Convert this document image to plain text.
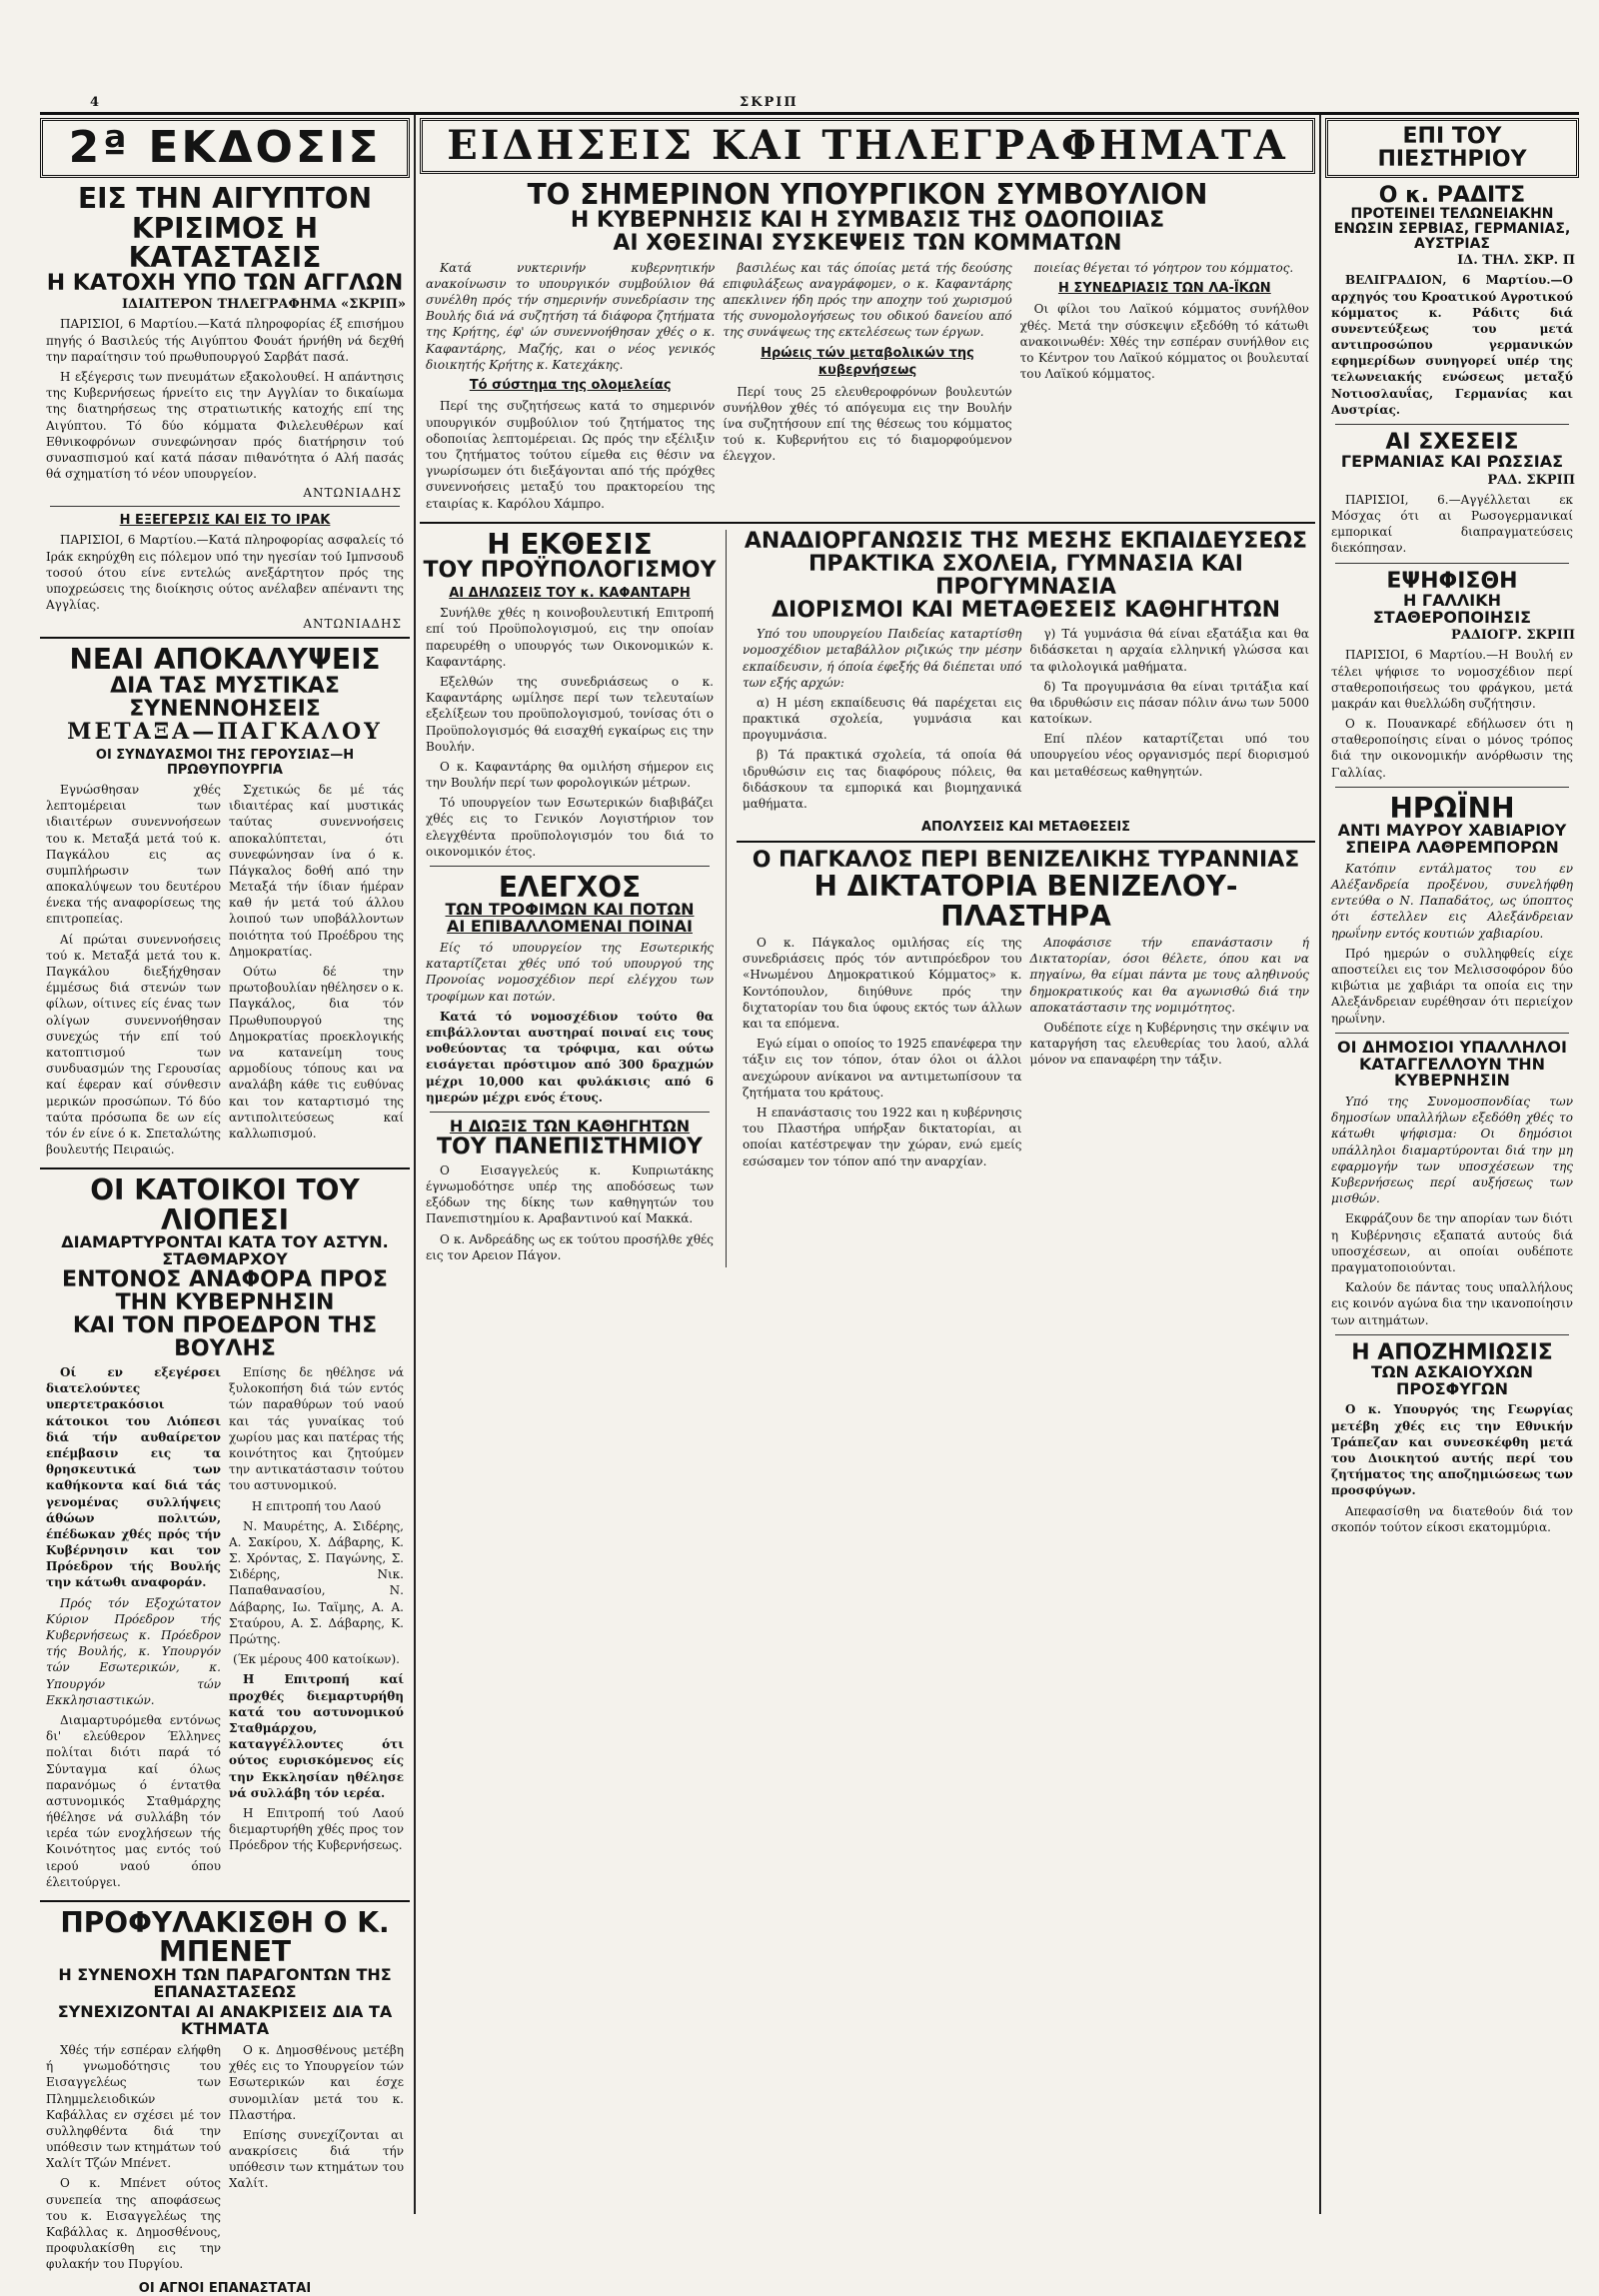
4	ΣΚΡΙΠ
2ª ΕΚΔΟΣΙΣ
ΕΙΣ ΤΗΝ ΑΙΓΥΠΤΟΝ
ΚΡΙΣΙΜΟΣ Η ΚΑΤΑΣΤΑΣΙΣ
Η ΚΑΤΟΧΗ ΥΠΟ ΤΩΝ ΑΓΓΛΩΝ
ΙΔΙΑΙΤΕΡΟΝ ΤΗΛΕΓΡΑΦΗΜΑ «ΣΚΡΙΠ»

ΠΑΡΙΣΙΟΙ, 6 Μαρτίου.—Κατά πληροφορίας έξ επισήμου πηγής ό Βασιλεύς τής Αιγύπτου Φουάτ ήρνήθη νά δεχθή την παραίτησιν τού πρωθυπουργού Σαρβάτ πασά.

Η εξέγερσις των πνευμάτων εξακολουθεί. Η απάντησις της Κυβερνήσεως ήρνείτο εις την Αγγλίαν το δικαίωμα της διατηρήσεως της στρατιωτικής κατοχής επί της Αιγύπτου. Τό δύο κόμματα Φιλελευθέρων καί Εθνικοφρόνων συνεφώνησαν πρός διατήρησιν τού συνασπισμού καί κατά πάσαν πιθανότητα ό Αλή πασάς θά σχηματίση τό νέον υπουργείον.

ΑΝΤΩΝΙΑΔΗΣ
Η ΕΞΕΓΕΡΣΙΣ ΚΑΙ ΕΙΣ ΤΟ ΙΡΑΚ

ΠΑΡΙΣΙΟΙ, 6 Μαρτίου.—Κατά πληροφορίας ασφαλείς τό Ιράκ εκηρύχθη εις πόλεμον υπό την ηγεσίαν τού Ιμπνσουδ τοσού ότου είνε εντελώς ανεξάρτητον πρός της υποχρεώσεις της διοίκησις ούτος ανέλαβεν απέναντι της Αγγλίας.

ΑΝΤΩΝΙΑΔΗΣ
ΝΕΑΙ ΑΠΟΚΑΛΥΨΕΙΣ
ΔΙΑ ΤΑΣ ΜΥΣΤΙΚΑΣ ΣΥΝΕΝΝΟΗΣΕΙΣ
ΜΕΤΑΞΑ—ΠΑΓΚΑΛΟΥ
ΟΙ ΣΥΝΔΥΑΣΜΟΙ ΤΗΣ ΓΕΡΟΥΣΙΑΣ—Η ΠΡΩΘΥΠΟΥΡΓΙΑ

Εγνώσθησαν χθές λεπτομέρειαι των ιδιαιτέρων συνεννοήσεων του κ. Μεταξά μετά τού κ. Παγκάλου εις ας συμπλήρωσιν των αποκαλύψεων του δευτέρου ένεκα τής αναφορίσεως της επιτροπείας.

Αί πρώται συνεννοήσεις τού κ. Μεταξά μετά του κ. Παγκάλου διεξήχθησαν έμμέσως διά στενών των φίλων, οίτινες είς ένας των ολίγων συνεννοήθησαν συνεχώς τήν επί τού κατοπτισμού των συνδυασμών της Γερουσίας καί έφεραν καί σύνθεσιν μερικών προσώπων. Τό δύο ταύτα πρόσωπα δε ων είς τόν έν είνε ό κ. Σπεταλώτης βουλευτής Πειραιώς.

Σχετικώς δε μέ τάς ιδιαιτέρας καί μυστικάς ταύτας συνεννοήσεις αποκαλύπτεται, ότι συνεφώνησαν ίνα ό κ. Πάγκαλος δοθή από την Μεταξά τήν ίδιαν ήμέραν καθ ήν μετά τού άλλου λοιπού των υποβάλλοντων ποιότητα τού Προέδρου της Δημοκρατίας.

Ούτω δέ την πρωτοβουλίαν ηθέλησεν ο κ. Παγκάλος, δια τόν Πρωθυπουργού της Δημοκρατίας προεκλογικής να κατανείμη τους αρμοδίους τόπους και να αναλάβη κάθε τις ευθύνας και τον καταρτισμό της αντιπολιτεύσεως καί καλλωπισμού.

ΟΙ ΚΑΤΟΙΚΟΙ ΤΟΥ ΛΙΟΠΕΣΙ
ΔΙΑΜΑΡΤΥΡΟΝΤΑΙ ΚΑΤΑ ΤΟΥ ΑΣΤΥΝ. ΣΤΑΘΜΑΡΧΟΥ
ΕΝΤΟΝΟΣ ΑΝΑΦΟΡΑ ΠΡΟΣ ΤΗΝ ΚΥΒΕΡΝΗΣΙΝ
ΚΑΙ ΤΟΝ ΠΡΟΕΔΡΟΝ ΤΗΣ ΒΟΥΛΗΣ

Οί εν εξεγέρσει διατελούντες υπερτετρακόσιοι κάτοικοι του Λιόπεσι διά τήν αυθαίρετον επέμβασιν εις τα θρησκευτικά των καθήκοντα καί διά τάς γενομένας συλλήψεις άθώων πολιτών, έπέδωκαν χθές πρός τήν Κυβέρνησιν και τον Πρόεδρον τής Βουλής την κάτωθι αναφοράν.

Πρός τόν Εξοχώτατον Κύριον Πρόεδρον τής Κυβερνήσεως κ. Πρόεδρον τής Βουλής, κ. Υπουργόν τών Εσωτερικών, κ. Υπουργόν τών Εκκλησιαστικών.

Διαμαρτυρόμεθα εντόνως δι' ελεύθερον Έλληνες πολίται διότι παρά τό Σύνταγμα καί όλως παρανόμως ό έντατθα αστυνομικός Σταθμάρχης ήθέλησε νά συλλάβη τόν ιερέα τών ενοχλήσεων τής Κοινότητος μας εντός τού ιερού ναού όπου έλειτούργει.

Επίσης δε ηθέλησε νά ξυλοκοπήση διά τών εντός τών παραθύρων τού ναού και τάς γυναίκας τού χωρίου μας και πατέρας τής κοινότητος και ζητούμεν την αντικατάστασιν τούτου του αστυνομικού.

Η επιτροπή του Λαού

Ν. Μαυρέτης, Α. Σιδέρης, Α. Σακίρου, Χ. Δάβαρης, Κ. Σ. Χρόντας, Σ. Παγώνης, Σ. Σιδέρης, Νικ. Παπαθανασίου, Ν. Δάβαρης, Ιω. Ταϊμης, Α. Α. Σταύρου, Α. Σ. Δάβαρης, Κ. Πρώτης.

(Έκ μέρους 400 κατοίκων).

Η Επιτροπή καί προχθές διεμαρτυρήθη κατά του αστυνομικού Σταθμάρχου, καταγγέλλοντες ότι ούτος ευρισκόμενος είς την Εκκλησίαν ηθέλησε νά συλλάβη τόν ιερέα.

Η Επιτροπή τού Λαού διεμαρτυρήθη χθές προς τον Πρόεδρον τής Κυβερνήσεως.

ΠΡΟΦΥΛΑΚΙΣΘΗ Ο Κ. ΜΠΕΝΕΤ
Η ΣΥΝΕΝΟΧΗ ΤΩΝ ΠΑΡΑΓΟΝΤΩΝ ΤΗΣ ΕΠΑΝΑΣΤΑΣΕΩΣ
ΣΥΝΕΧΙΖΟΝΤΑΙ ΑΙ ΑΝΑΚΡΙΣΕΙΣ ΔΙΑ ΤΑ ΚΤΗΜΑΤΑ

Χθές τήν εσπέραν ελήφθη ή γνωμοδότησις του Εισαγγελέως των Πλημμελειοδικών Καβάλλας εν σχέσει μέ τον συλληφθέντα διά την υπόθεσιν των κτημάτων τού Χαλίτ Τζών Μπένετ.

Ο κ. Μπένετ ούτος συνεπεία της αποφάσεως του κ. Εισαγγελέως της Καβάλλας κ. Δημοσθένους, προφυλακίσθη εις την φυλακήν του Πυργίου.

Ο κ. Δημοσθένους μετέβη χθές εις το Υπουργείον τών Εσωτερικών και έσχε συνομιλίαν μετά του κ. Πλαστήρα.

Επίσης συνεχίζονται αι ανακρίσεις διά τήν υπόθεσιν των κτημάτων του Χαλίτ.

ΟΙ ΑΓΝΟΙ ΕΠΑΝΑΣΤΑΤΑΙ
ΕΙΔΗΣΕΙΣ ΚΑΙ ΤΗΛΕΓΡΑΦΗΜΑΤΑ
ΤΟ ΣΗΜΕΡΙΝΟΝ ΥΠΟΥΡΓΙΚΟΝ ΣΥΜΒΟΥΛΙΟΝ
Η ΚΥΒΕΡΝΗΣΙΣ ΚΑΙ Η ΣΥΜΒΑΣΙΣ ΤΗΣ ΟΔΟΠΟΙΙΑΣ
ΑΙ ΧΘΕΣΙΝΑΙ ΣΥΣΚΕΨΕΙΣ ΤΩΝ ΚΟΜΜΑΤΩΝ

Κατά νυκτερινήν κυβερνητικήν ανακοίνωσιν το υπουργικόν συμβούλιον θά συνέλθη πρός τήν σημερινήν συνεδρίασιν της Βουλής διά νά συζητήση τά διάφορα ζητήματα της Κρήτης, έφ' ών συνεννοήθησαν χθές ο κ. Καφαντάρης, Μαζής, και ο νέος γενικός διοικητής Κρήτης κ. Κατεχάκης.

Τό σύστημα της ολομελείας

Περί της συζητήσεως κατά το σημερινόν υπουργικόν συμβούλιον τού ζητήματος της οδοποιίας λεπτομέρειαι. Ως πρός την εξέλιξιν του ζητήματος τούτου είμεθα εις θέσιν να γνωρίσωμεν ότι διεξάγονται από τής πρόχθες συνεννοήσεις μεταξύ του πρακτορείου της εταιρίας κ. Καρόλου Χάμπρο.

βασιλέως και τάς όποίας μετά τής δεούσης επιφυλάξεως αναγράφομεν, ο κ. Καφαντάρης απεκλινεν ήδη πρός την αποχην τού χωρισμού τής συνομολογήσεως του οδικού δανείου από της συνάψεως της εκτελέσεως των έργων.

Ηρώεις τών μεταβολικών της κυβερνήσεως

Περί τους 25 ελευθεροφρόνων βουλευτών συνήλθον χθές τό απόγευμα εις την Βουλήν ίνα συζητήσουν επί της θέσεως του κόμματος τού κ. Κυβερνήτου εις τό διαμορφούμενον έλεγχον.

ποιείας θέγεται τό γόητρον του κόμματος.

Η ΣΥΝΕΔΡΙΑΣΙΣ ΤΩΝ ΛΑ-ΪΚΩΝ

Οι φίλοι του Λαϊκού κόμματος συνήλθον χθές. Μετά την σύσκεψιν εξεδόθη τό κάτωθι ανακοινωθέν: Χθές την εσπέραν συνήλθον εις το Κέντρον του Λαϊκού κόμματος οι βουλευταί του Λαϊκού κόμματος.

Η ΕΚΘΕΣΙΣ
ΤΟΥ ΠΡΟΫΠΟΛΟΓΙΣΜΟΥ
ΑΙ ΔΗΛΩΣΕΙΣ ΤΟΥ κ. ΚΑΦΑΝΤΑΡΗ

Συνήλθε χθές η κοινοβουλευτική Επιτροπή επί τού Προϋπολογισμού, εις την οποίαν παρευρέθη ο υπουργός των Οικονομικών κ. Καφαντάρης.

Εξελθών της συνεδριάσεως ο κ. Καφαντάρης ωμίλησε περί των τελευταίων εξελίξεων του προϋπολογισμού, τονίσας ότι ο Προϋπολογισμός θά εισαχθή εγκαίρως εις την Βουλήν.

Ο κ. Καφαντάρης θα ομιλήση σήμερον εις την Βουλήν περί των φορολογικών μέτρων.

Τό υπουργείον των Εσωτερικών διαβιβάζει χθές εις το Γενικόν Λογιστήριον τον ελεγχθέντα προϋπολογισμόν του διά το οικονομικόν έτος.

ΕΛΕΓΧΟΣ
ΤΩΝ ΤΡΟΦΙΜΩΝ ΚΑΙ ΠΟΤΩΝ
ΑΙ ΕΠΙΒΑΛΛΟΜΕΝΑΙ ΠΟΙΝΑΙ

Είς τό υπουργείον της Εσωτερικής καταρτίζεται χθές υπό τού υπουργού της Προνοίας νομοσχέδιον περί ελέγχου των τροφίμων και ποτών.

Κατά τό νομοσχέδιον τούτο θα επιβάλλονται αυστηραί ποιναί εις τους νοθεύοντας τα τρόφιμα, και ούτω εισάγεται πρόστιμον από 300 δραχμών μέχρι 10,000 και φυλάκισις από 6 ημερών μέχρι ενός έτους.

Η ΔΙΩΞΙΣ ΤΩΝ ΚΑΘΗΓΗΤΩΝ
ΤΟΥ ΠΑΝΕΠΙΣΤΗΜΙΟΥ

Ο Εισαγγελεύς κ. Κυπριωτάκης έγνωμοδότησε υπέρ της αποδόσεως των εξόδων της δίκης των καθηγητών του Πανεπιστημίου κ. Αραβαντινού καί Μακκά.

Ο κ. Ανδρεάδης ως εκ τούτου προσήλθε χθές εις τον Αρειον Πάγον.

ΑΝΑΔΙΟΡΓΑΝΩΣΙΣ ΤΗΣ ΜΕΣΗΣ ΕΚΠΑΙΔΕΥΣΕΩΣ
ΠΡΑΚΤΙΚΑ ΣΧΟΛΕΙΑ, ΓΥΜΝΑΣΙΑ ΚΑΙ ΠΡΟΓΥΜΝΑΣΙΑ
ΔΙΟΡΙΣΜΟΙ ΚΑΙ ΜΕΤΑΘΕΣΕΙΣ ΚΑΘΗΓΗΤΩΝ

Υπό του υπουργείου Παιδείας καταρτίσθη νομοσχέδιον μεταβάλλον ριζικώς την μέσην εκπαίδευσιν, ή όποία έφεξής θά διέπεται υπό των εξής αρχών:

α) Η μέση εκπαίδευσις θά παρέχεται εις πρακτικά σχολεία, γυμνάσια και προγυμνάσια.

β) Τά πρακτικά σχολεία, τά οποία θά ιδρυθώσιν εις τας διαφόρους πόλεις, θα διδάσκουν τα εμπορικά και βιομηχανικά μαθήματα.

γ) Τά γυμνάσια θά είναι εξατάξια και θα διδάσκεται η αρχαία ελληνική γλώσσα και τα φιλολογικά μαθήματα.

δ) Τα προγυμνάσια θα είναι τριτάξια καί θα ιδρυθώσιν εις πάσαν πόλιν άνω των 5000 κατοίκων.

Επί πλέον καταρτίζεται υπό του υπουργείου νέος οργανισμός περί διορισμού και μεταθέσεως καθηγητών.

ΑΠΟΛΥΣΕΙΣ ΚΑΙ ΜΕΤΑΘΕΣΕΙΣ
Ο ΠΑΓΚΑΛΟΣ ΠΕΡΙ ΒΕΝΙΖΕΛΙΚΗΣ ΤΥΡΑΝΝΙΑΣ
Η ΔΙΚΤΑΤΟΡΙΑ ΒΕΝΙΖΕΛΟΥ-ΠΛΑΣΤΗΡΑ

Ο κ. Πάγκαλος ομιλήσας είς της συνεδριάσεις πρός τόν αντιπρόεδρον του «Ηνωμένου Δημοκρατικού Κόμματος» κ. Κοντόπουλον, διηύθυνε πρός την διχτατορίαν του δια ύφους εκτός των άλλων και τα επόμενα.

Εγώ είμαι ο οποίος το 1925 επανέφερα την τάξιν εις τον τόπον, όταν όλοι οι άλλοι ανεχώρουν ανίκανοι να αντιμετωπίσουν τα ζητήματα του κράτους.

Η επανάστασις του 1922 και η κυβέρνησις του Πλαστήρα υπήρξαν δικτατορίαι, αι οποίαι κατέστρεψαν την χώραν, ενώ εμείς εσώσαμεν τον τόπον από την αναρχίαν.

Αποφάσισε τήν επανάστασιν ή Δικτατορίαν, όσοι θέλετε, όπου και να πηγαίνω, θα είμαι πάντα με τους αληθινούς δημοκρατικούς και θα αγωνισθώ διά την αποκατάστασιν της νομιμότητος.

Ουδέποτε είχε η Κυβέρνησις την σκέψιν να καταργήση τας ελευθερίας του λαού, αλλά μόνον να επαναφέρη την τάξιν.

ΕΠΙ ΤΟΥ ΠΙΕΣΤΗΡΙΟΥ
Ο κ. ΡΑΔΙΤΣ
ΠΡΟΤΕΙΝΕΙ ΤΕΛΩΝΕΙΑΚΗΝ ΕΝΩΣΙΝ ΣΕΡΒΙΑΣ, ΓΕΡΜΑΝΙΑΣ, ΑΥΣΤΡΙΑΣ
ΙΔ. ΤΗΛ. ΣΚΡ. Π

ΒΕΛΙΓΡΑΔΙΟΝ, 6 Μαρτίου.—Ο αρχηγός του Κροατικού Αγροτικού κόμματος κ. Ράδιτς διά συνεντεύξεως του μετά αντιπροσώπου γερμανικών εφημερίδων συνηγορεί υπέρ της τελωνειακής ενώσεως μεταξύ Νοτιοσλαυΐας, Γερμανίας και Αυστρίας.

ΑΙ ΣΧΕΣΕΙΣ
ΓΕΡΜΑΝΙΑΣ ΚΑΙ ΡΩΣΣΙΑΣ
ΡΑΔ. ΣΚΡΙΠ

ΠΑΡΙΣΙΟΙ, 6.—Αγγέλλεται εκ Μόσχας ότι αι Ρωσογερμανικαί εμπορικαί διαπραγματεύσεις διεκόπησαν.

ΕΨΗΦΙΣΘΗ
Η ΓΑΛΛΙΚΗ ΣΤΑΘΕΡΟΠΟΙΗΣΙΣ
ΡΑΔΙΟΓΡ. ΣΚΡΙΠ

ΠΑΡΙΣΙΟΙ, 6 Μαρτίου.—Η Βουλή εν τέλει ψήφισε το νομοσχέδιον περί σταθεροποιήσεως του φράγκου, μετά μακράν και θυελλώδη συζήτησιν.

Ο κ. Πουανκαρέ εδήλωσεν ότι η σταθεροποίησις είναι ο μόνος τρόπος διά την οικονομικήν ανόρθωσιν της Γαλλίας.

ΗΡΩΪΝΗ
ΑΝΤΙ ΜΑΥΡΟΥ ΧΑΒΙΑΡΙΟΥ
ΣΠΕΙΡΑ ΛΑΘΡΕΜΠΟΡΩΝ

Κατόπιν εντάλματος του εν Αλέξανδρεία προξένου, συνελήφθη εντεύθα ο Ν. Παπαδάτος, ως ύποπτος ότι έστελλεν εις Αλεξάνδρειαν ηρωΐνην εντός κουτιών χαβιαρίου.

Πρό ημερών ο συλληφθείς είχε αποστείλει εις τον Μελισσοφόρον δύο κιβώτια με χαβιάρι τα οποία εις την Αλεξάνδρειαν ευρέθησαν ότι περιείχον ηρωΐνην.

ΟΙ ΔΗΜΟΣΙΟΙ ΥΠΑΛΛΗΛΟΙ
ΚΑΤΑΓΓΕΛΛΟΥΝ ΤΗΝ ΚΥΒΕΡΝΗΣΙΝ

Υπό της Συνομοσπονδίας των δημοσίων υπαλλήλων εξεδόθη χθές το κάτωθι ψήφισμα: Οι δημόσιοι υπάλληλοι διαμαρτύρονται διά την μη εφαρμογήν των υποσχέσεων της Κυβερνήσεως περί αυξήσεως των μισθών.

Εκφράζουν δε την απορίαν των διότι η Κυβέρνησις εξαπατά αυτούς διά υποσχέσεων, αι οποίαι ουδέποτε πραγματοποιούνται.

Καλούν δε πάντας τους υπαλλήλους εις κοινόν αγώνα δια την ικανοποίησιν των αιτημάτων.

Η ΑΠΟΖΗΜΙΩΣΙΣ
ΤΩΝ ΑΣΚΑΙΟΥΧΩΝ ΠΡΟΣΦΥΓΩΝ

Ο κ. Υπουργός της Γεωργίας μετέβη χθές εις την Εθνικήν Τράπεζαν και συνεσκέφθη μετά του Διοικητού αυτής περί του ζητήματος της αποζημιώσεως των προσφύγων.

Απεφασίσθη να διατεθούν διά τον σκοπόν τούτον είκοσι εκατομμύρια.
